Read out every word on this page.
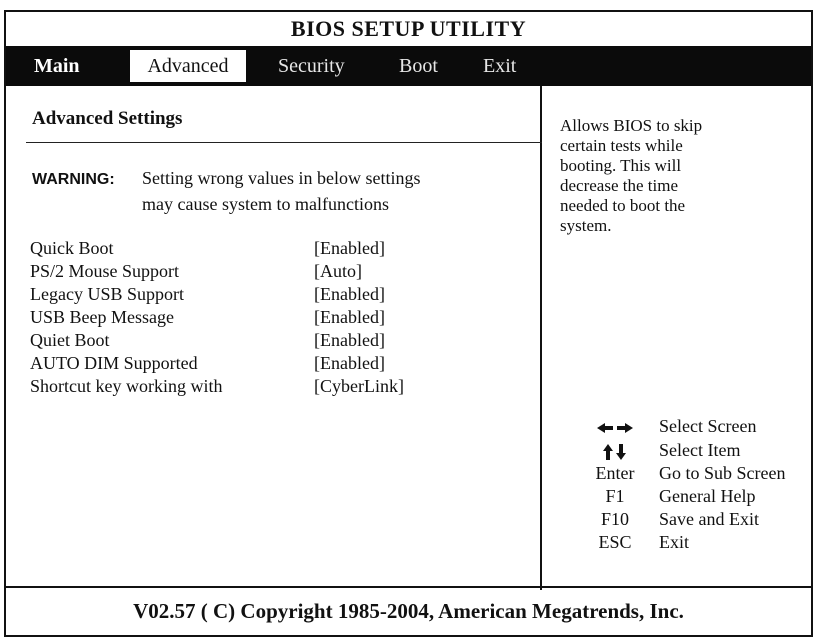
BIOS SETUP UTILITY
Main	Advanced	Security	Boot Exit
Advanced Settings
WARNING: Setting wrong values in below settings
may cause system to malfunctions
Quick Boot	[Enabled]
PS/2 Mouse Support	[Auto]
Legacy USB Support	[Enabled]
USB Beep Message	[Enabled]
Quiet Boot	[Enabled]
AUTO DIM Supported	[Enabled]
Shortcut key working with	[CyberLink]
Allows BIOS to skip
certain tests while
booting. This will
decrease the time
needed to boot the
system.
Select Screen
Select Item
Enter Go to Sub Screen
F1 General Help
F10 Save and Exit
ESC Exit
V02.57 ( C) Copyright 1985-2004, American Megatrends, Inc.
